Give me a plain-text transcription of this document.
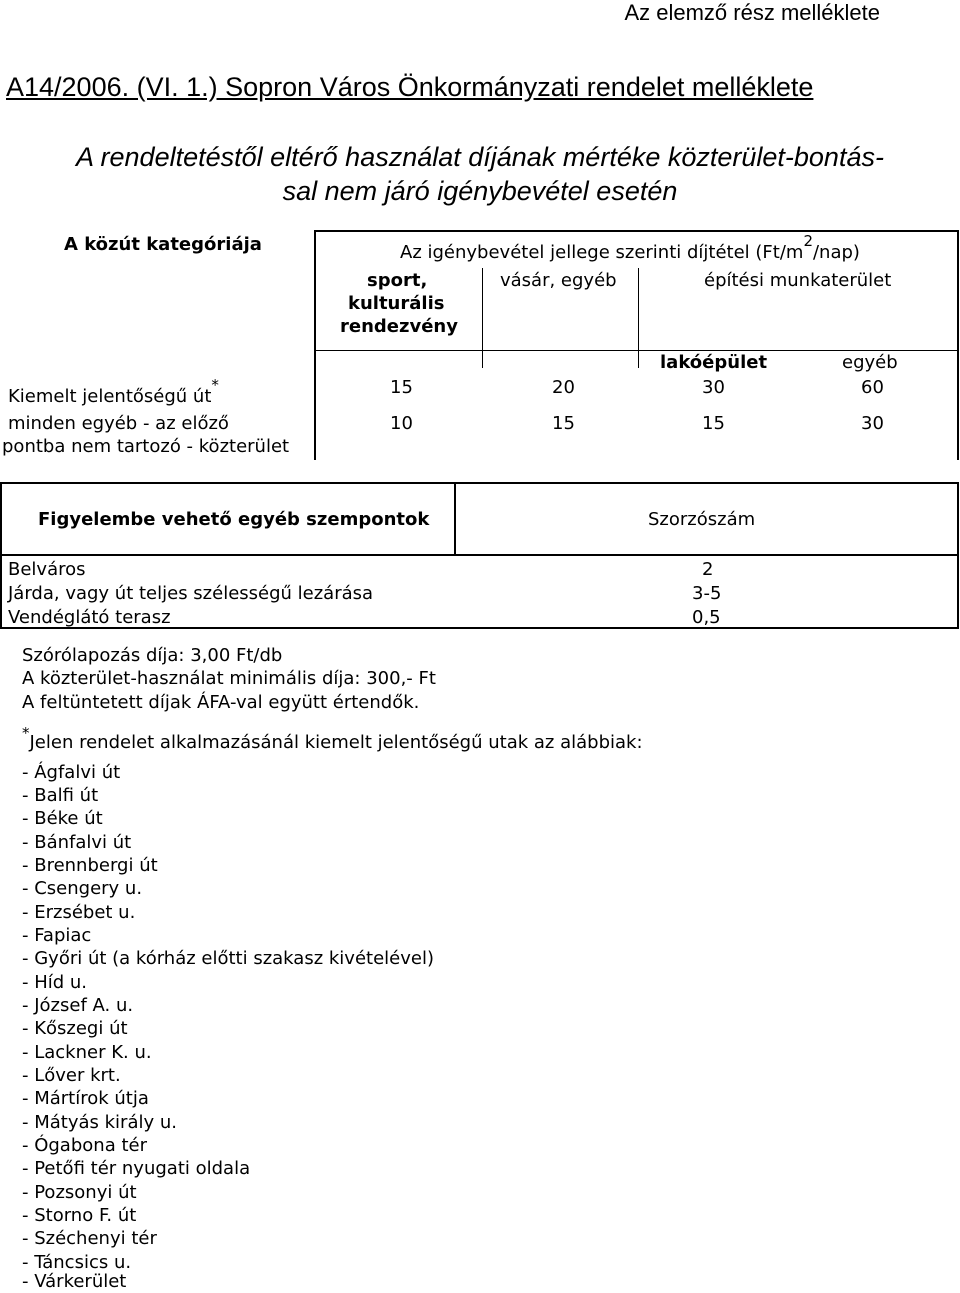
Az elemző rész melléklete
A14/2006. (VI. 1.) Sopron Város Önkormányzati rendelet melléklete
A rendeltetéstől eltérő használat díjának mértéke közterület-bontás-
sal nem járó igénybevétel esetén
A közút kategóriája	Az igénybevétel jellege szerinti díjtétel $(Ft/m^2/nap)$
sport,
kulturális
rendezvény
vásár, egyéb	építési munkaterület
lakóépület	egyéb
Kiemelt jelentőségű út*	15	20	30	60
minden egyéb - az előző
pontba nem tartozó - közterület
10	15	15	30
Figyelembe vehető egyéb szempontok	Szorzószám
Belváros	2
Járda, vagy út teljes szélességű lezárása	3-5
Vendéglátó terasz	0,5
Szórólapozás díja: 3,00 Ft/db
A közterület-használat minimális díja: 300,- Ft
A feltüntetett díjak ÁFA-val együtt értendők.
*Jelen rendelet alkalmazásánál kiemelt jelentőségű utak az alábbiak:
- Ágfalvi út
- Balfi út
- Béke út
- Bánfalvi út
- Brennbergi út
- Csengery u.
- Erzsébet u.
- Fapiac
- Győri út (a kórház előtti szakasz kivételével)
- Híd u.
- József A. u.
- Kőszegi út
- Lackner K. u.
- Lőver krt.
- Mártírok útja
- Mátyás király u.
- Ógabona tér
- Petőfi tér nyugati oldala
- Pozsonyi út
- Storno F. út
- Széchenyi tér
- Táncsics u.
- Várkerület
